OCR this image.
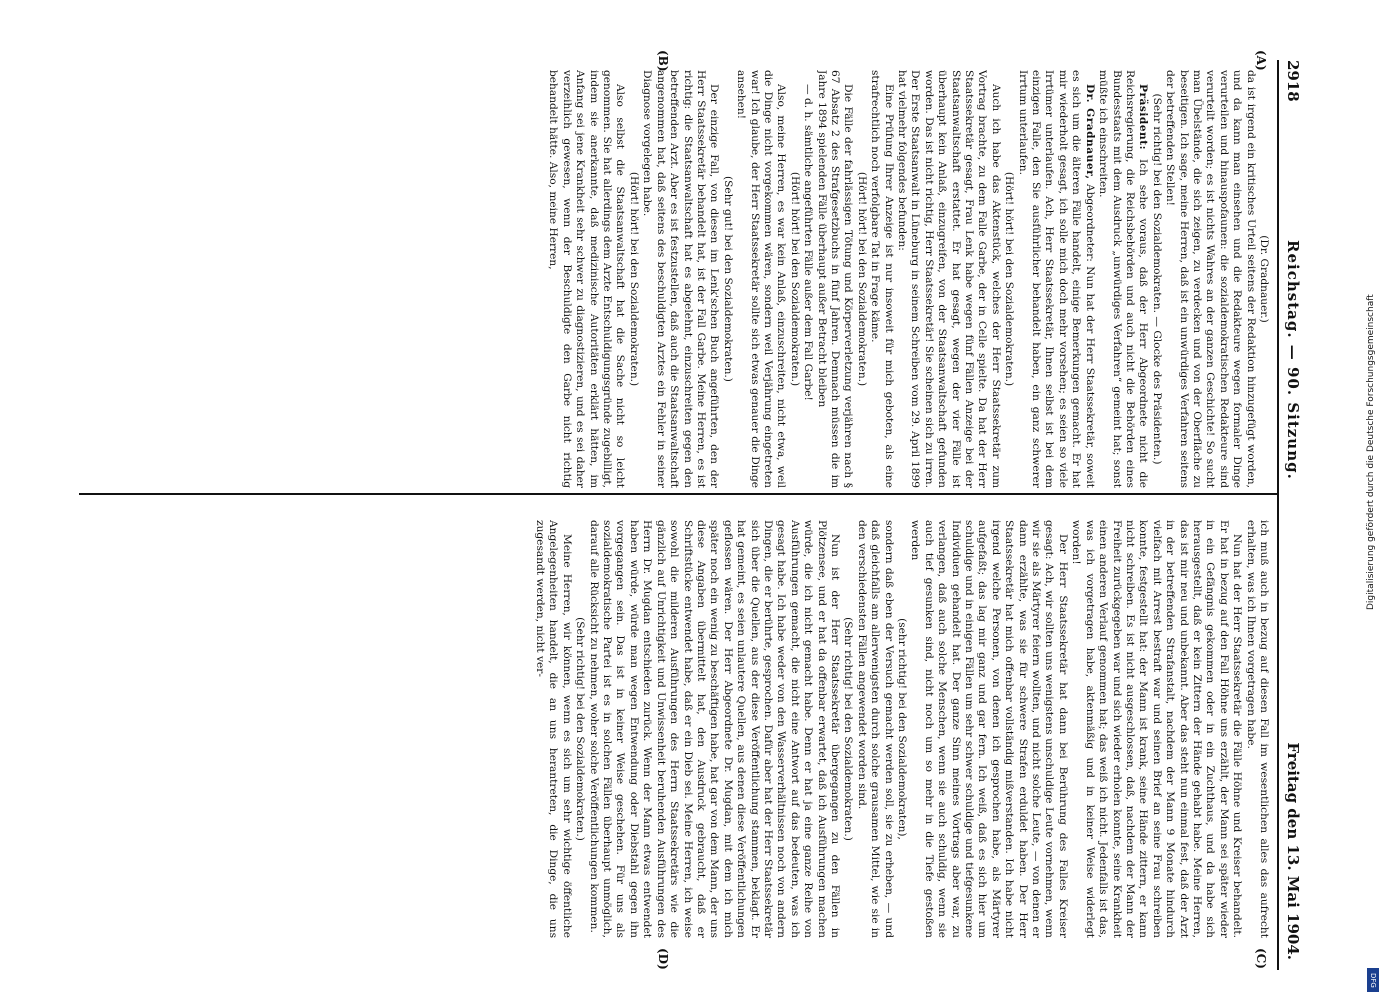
2918
Reichstag. — 90. Sitzung.
Freitag den 13. Mai 1904.
(A)
(B)
(C)
(D)

(Dr. Gradnauer.)

da ist irgend ein kritisches Urteil seitens der Redaktion hinzugefügt worden, und da kann man einsehen und die Redakteure wegen formaler Dinge verurteilen und hinauspofaunen: die sozialdemokratischen Redakteure sind verurteilt worden; es ist nichts Wahres an der ganzen Geschichte! So sucht man Übelstände, die sich zeigen, zu verdecken und von der Oberfläche zu beseitigen. Ich sage, meine Herren, daß ist ein unwürdiges Verfahren seitens der betreffenden Stellen!

(Sehr richtig! bei den Sozialdemokraten. — Glocke des Präsidenten.)

Präsident: Ich sehe voraus, daß der Herr Abgeordnete nicht die Reichsregierung, die Reichsbehörden und auch nicht die Behörden eines Bundesstaats mit dem Ausdruck „unwürdiges Verfahren“ gemeint hat; sonst müßte ich einschreiten.

Dr. Gradnauer, Abgeordneter: Nun hat der Herr Staatssekretär, soweit es sich um die älteren Fälle handelt, einige Bemerkungen gemacht. Er hat mir wiederholt gesagt, ich solle mich doch mehr vorsehen; es seien so viele Irrtümer unterlaufen. Ach, Herr Staatssekretär, Ihnen selbst ist bei dem einzigen Falle, den Sie ausführlicher behandelt haben, ein ganz schwerer Irrtum unterlaufen.

(Hört! hört! bei den Sozialdemokraten.)

Auch ich habe das Aktenstück, welches der Herr Staatssekretär zum Vortrag brachte, zu dem Falle Garbe, der in Celle spielte. Da hat der Herr Staatssekretär gesagt, Frau Lenk habe wegen fünf Fällen Anzeige bei der Staatsanwaltschaft erstattet. Er hat gesagt, wegen der vier Fälle ist überhaupt kein Anlaß, einzugreifen, von der Staatsanwaltschaft gefunden worden. Das ist nicht richtig, Herr Staatssekretär! Sie scheinen sich zu irren. Der Erste Staatsanwalt in Lüneburg in seinem Schreiben vom 29. April 1899 hat vielmehr folgendes befunden:

Eine Prüfung Ihrer Anzeige ist nur insoweit für mich geboten, als eine strafrechtlich noch verfolgbare Tat in Frage käme.

(Hört! hört! bei den Sozialdemokraten.)

Die Fälle der fahrlässigen Tötung und Körperverletzung verjähren nach § 67 Absatz 2 des Strafgesetzbuchs in fünf Jahren. Demnach müssen die im Jahre 1894 spielenden Fälle überhaupt außer Betracht bleiben

— d. h. sämtliche angeführten Fälle außer dem Fall Garbe!

(Hört! hört! bei den Sozialdemokraten.)

Also, meine Herren, es war kein Anlaß, einzuschreiten, nicht etwa, weil die Dinge nicht vorgekommen wären, sondern weil Verjährung eingetreten war! Ich glaube, der Herr Staatssekretär sollte sich etwas genauer die Dinge ansehen!

(Sehr gut! bei den Sozialdemokraten.)

Der einzige Fall, von diesen im Lenk'schen Buch angeführten, den der Herr Staatssekretär behandelt hat, ist der Fall Garbe. Meine Herren, es ist richtig: die Staatsanwaltschaft hat es abgelehnt, einzuschreiten gegen den betreffenden Arzt. Aber es ist festzustellen, daß auch die Staatsanwaltschaft angenommen hat, daß seitens des beschuldigten Arztes ein Fehler in seiner Diagnose vorgelegen habe.

(Hört! hört! bei den Sozialdemokraten.)

Also selbst die Staatsanwaltschaft hat die Sache nicht so leicht genommen. Sie hat allerdings dem Arzte Entschuldigungsgründe zugebilligt, indem sie anerkannte, daß medizinische Autoritäten erklärt hätten, im Anfang sei jene Krankheit sehr schwer zu diagnostizieren, und es sei daher verzeihlich gewesen, wenn der Beschuldigte den Garbe nicht richtig behandelt hätte. Also, meine Herren,

ich muß auch in bezug auf diesen Fall im wesentlichen alles das aufrecht erhalten, was ich Ihnen vorgetragen habe.

Nun hat der Herr Staatssekretär die Fälle Höhne und Kreiser behandelt. Er hat in bezug auf den Fall Höhne uns erzählt, der Mann sei später wieder in ein Gefängnis gekommen oder in ein Zuchthaus, und da habe sich herausgestellt, daß er kein Zittern der Hände gehabt habe. Meine Herren, das ist mir neu und unbekannt. Aber das steht nun einmal fest, daß der Arzt in der betreffenden Strafanstalt, nachdem der Mann 9 Monate hindurch vielfach mit Arrest bestraft war und seinen Brief an seine Frau schreiben konnte, festgestellt hat: der Mann ist krank, seine Hände zittern, er kann nicht schreiben. Es ist nicht ausgeschlossen, daß, nachdem der Mann der Freiheit zurückgegeben war und sich wieder erholen konnte, seine Krankheit einen anderen Verlauf genommen hat; das weiß ich nicht. Jedenfalls ist das, was ich vorgetragen habe, aktenmäßig und in keiner Weise widerlegt worden!

Der Herr Staatssekretär hat dann bei Berührung des Falles Kreiser gesagt: Ach, wir sollten uns wenigstens unschuldige Leute vornehmen, wenn wir sie als Märtyrer feiern wollten, und nicht solche Leute, — von denen er dann erzählte, was sie für schwere Strafen erduldet haben. Der Herr Staatssekretär hat mich offenbar vollständig mißverstanden. Ich habe nicht irgend welche Personen, von denen ich gesprochen habe, als Märtyrer aufgefaßt; das lag mir ganz und gar fern. Ich weiß, daß es sich hier um schuldige und in einigen Fällen um sehr schwer schuldige und tiefgesunkene Individuen gehandelt hat. Der ganze Sinn meines Vortrags aber war, zu verlangen, daß auch solche Menschen, wenn sie auch schuldig, wenn sie auch tief gesunken sind, nicht noch um so mehr in die Tiefe gestoßen werden

(sehr richtig! bei den Sozialdemokraten),

sondern daß eben der Versuch gemacht werden soll, sie zu erheben, — und daß gleichfalls am allerwenigsten durch solche grausamen Mittel, wie sie in den verschiedensten Fällen angewendet worden sind.

(Sehr richtig! bei den Sozialdemokraten.)

Nun ist der Herr Staatssekretär übergegangen zu den Fällen in Plötzensee, und er hat da offenbar erwartet, daß ich Ausführungen machen würde, die ich nicht gemacht habe. Denn er hat ja eine ganze Reihe von Ausführungen gemacht, die nicht eine Antwort auf das bedeuten, was ich gesagt habe. Ich habe weder von den Wasserverhältnissen noch von andern Dingen, die er berührte, gesprochen. Dafür aber hat der Herr Staatssekretär sich über die Quellen, aus der diese Veröffentlichung stammen, beklagt. Er hat gemeint, es seien unlautere Quellen, aus denen diese Veröffentlichungen geflossen wären. Der Herr Abgeordnete Dr. Mugdan, mit dem ich mich später noch ein wenig zu beschäftigen habe, hat gar von dem Mann, der uns diese Angaben übermittelt hat, den Ausdruck gebraucht, daß er Schriftstücke entwendet habe, daß er ein Dieb sei. Meine Herren, ich weise sowohl die milderen Ausführungen des Herrn Staatssekretärs wie die gänzlich auf Unrichtigkeit und Unwissenheit beruhenden Ausführungen des Herrn Dr. Mugdan entschieden zurück. Wenn der Mann etwas entwendet haben würde, würde man wegen Entwendung oder Diebstahl gegen ihn vorgegangen sein. Das ist in keiner Weise geschehen. Für uns als sozialdemokratische Partei ist es in solchen Fällen überhaupt unmöglich, darauf alle Rücksicht zu nehmen, woher solche Veröffentlichungen kommen.

(Sehr richtig! bei den Sozialdemokraten.)

Meine Herren, wir können, wenn es sich um sehr wichtige öffentliche Angelegenheiten handelt, die an uns herantreten, die Dinge, die uns zugesandt werden, nicht ver-	Digitalisierung gefördert durch die Deutsche Forschungsgemeinschaft
DFG
